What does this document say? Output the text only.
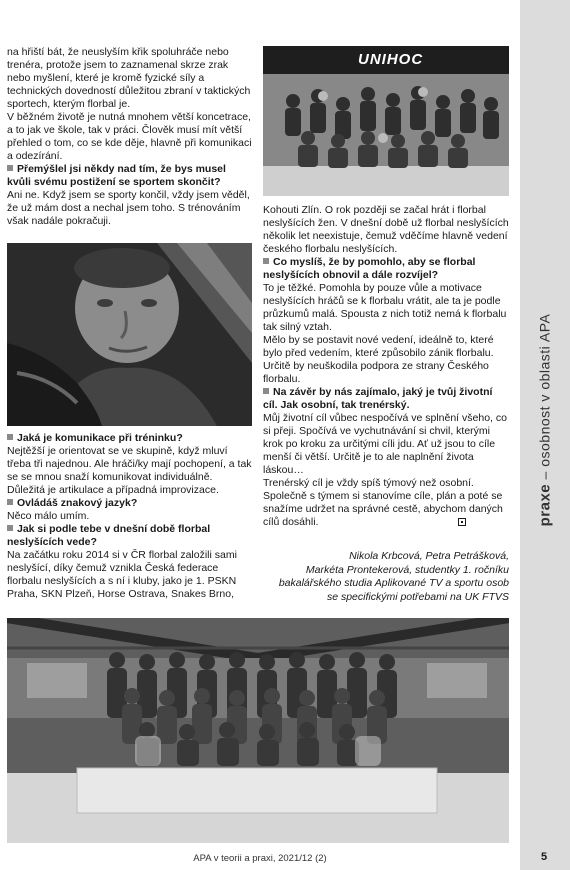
praxe – osobnost v oblasti APA

na hřiští bát, že neuslyším křik spoluhráče nebo trenéra, protože jsem to zaznamenal skrze zrak nebo myšlení, které je kromě fyzické síly a technických dovedností důležitou zbraní v taktických sportech, kterým florbal je.

V běžném životě je nutná mnohem větší koncetrace, a to jak ve škole, tak v práci. Člověk musí mít větší přehled o tom, co se kde děje, hlavně při komunikaci a odezírání.

Přemýšlel jsi někdy nad tím, že bys musel kvůli svému postižení se sportem skončit?

Ani ne. Když jsem se sporty končil, vždy jsem věděl, že už mám dost a nechal jsem toho. S trénováním však nadále pokračuji.

Jaká je komunikace při tréninku?

Nejtěžší je orientovat se ve skupině, když mluví třeba tři najednou. Ale hráči/ky mají pochopení, a tak se se mnou snaží komunikovat individuálně. Důležitá je artikulace a případná improvizace.

Ovládáš znakový jazyk?

Něco málo umím.

Jak si podle tebe v dnešní době florbal neslyšících vede?

Na začátku roku 2014 si v ČR florbal založili sami neslyšící, díky čemuž vznikla Česká federace florbalu neslyšících a s ní i kluby, jako je 1. PSKN Praha, SKN Plzeň, Horse Ostrava, Snakes Brno,

UNIHOC

Kohouti Zlín. O rok později se začal hrát i florbal neslyšících žen. V dnešní době už florbal neslyšících několik let neexistuje, čemuž vděčíme hlavně vedení českého florbalu neslyšících.

Co myslíš, že by pomohlo, aby se florbal neslyšících obnovil a dále rozvíjel?

To je těžké. Pomohla by pouze vůle a motivace neslyšících hráčů se k florbalu vrátit, ale ta je podle průzkumů malá. Spousta z nich totiž nemá k florbalu tak silný vztah.

Mělo by se postavit nové vedení, ideálně to, které bylo před vedením, které způsobilo zánik florbalu. Určitě by neuškodila podpora ze strany Českého florbalu.

Na závěr by nás zajímalo, jaký je tvůj životní cíl. Jak osobní, tak trenérský.

Můj životní cíl vůbec nespočívá ve splnění všeho, co si přeji. Spočívá ve vychutnávání si chvil, kterými krok po kroku za určitými cíli jdu. Ať už jsou to cíle menší či větší. Určitě je to ale naplnění života láskou…

Trenérský cíl je vždy spíš týmový než osobní. Společně s týmem si stanovíme cíle, plán a poté se snažíme udržet na správné cestě, abychom daných cílů dosáhli.

Nikola Krbcová, Petra Petrášková,

Markéta Prontekerová, studentky 1. ročníku

bakalářského studia Aplikované TV a sportu osob

se specifickými potřebami na UK FTVS

APA v teorii a praxi, 2021/12 (2)	5
